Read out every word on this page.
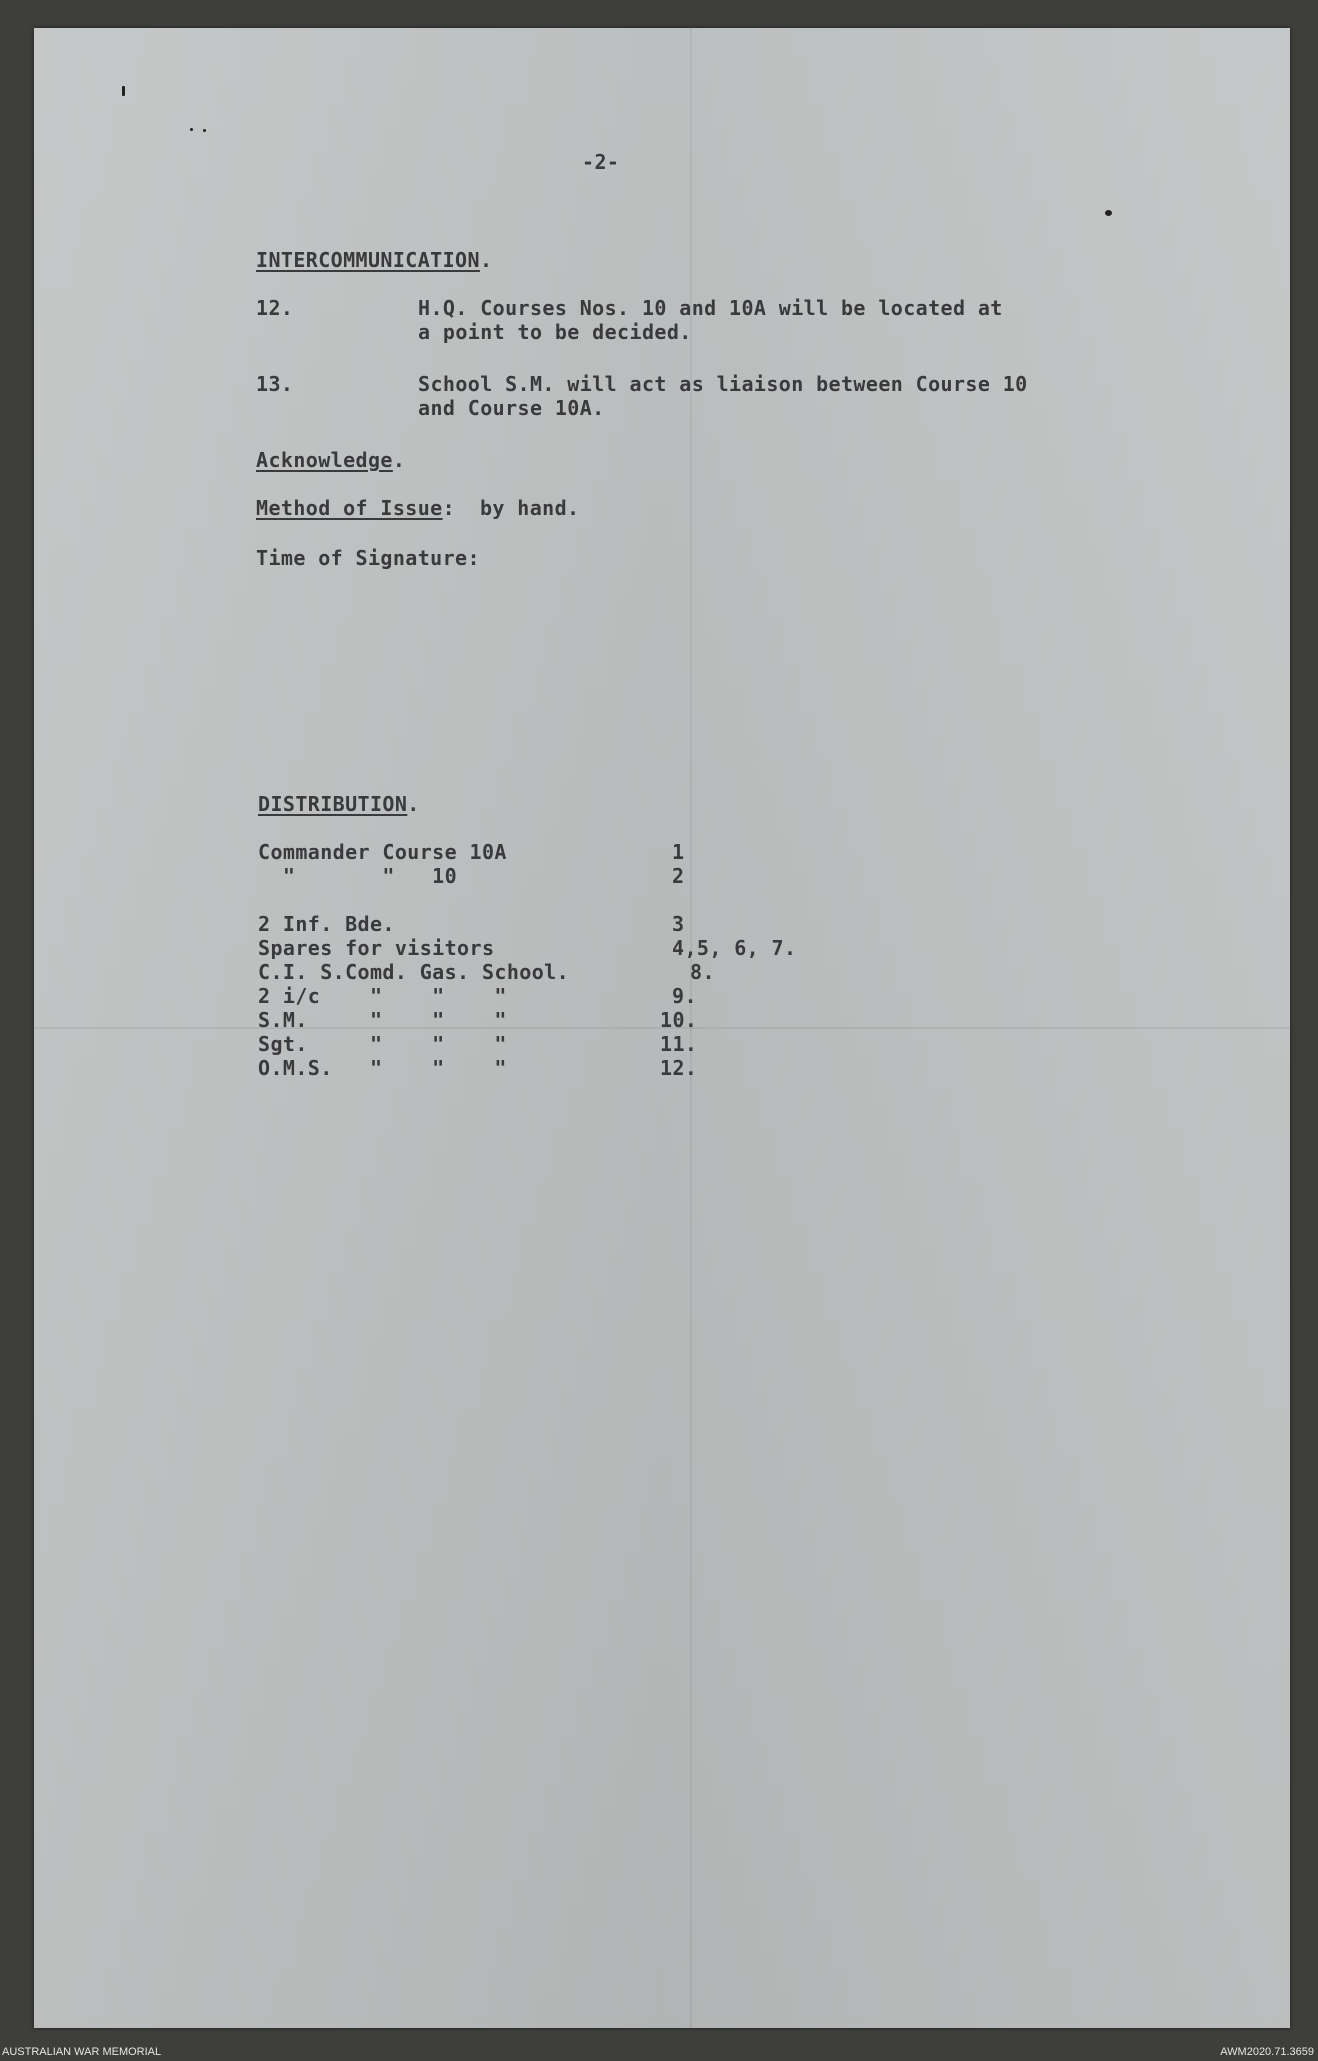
-2-
INTERCOMMUNICATION.
12.	H.Q. Courses Nos. 10 and 10A will be located at
a point to be decided.
13.	School S.M. will act as liaison between Course 10
and Course 10A.
Acknowledge.
Method of Issue:  by hand.
Time of Signature:
DISTRIBUTION.
Commander Course 10A	1
"       "   10	2
2 Inf. Bde.	3
Spares for visitors	4,5, 6, 7.
C.I. S.Comd. Gas. School.	8.
2 i/c    "    "    "	9.
S.M.     "    "    "	10.
Sgt.     "    "    "	11.
O.M.S.   "    "    "	12.
AUSTRALIAN WAR MEMORIAL	AWM2020.71.3659
